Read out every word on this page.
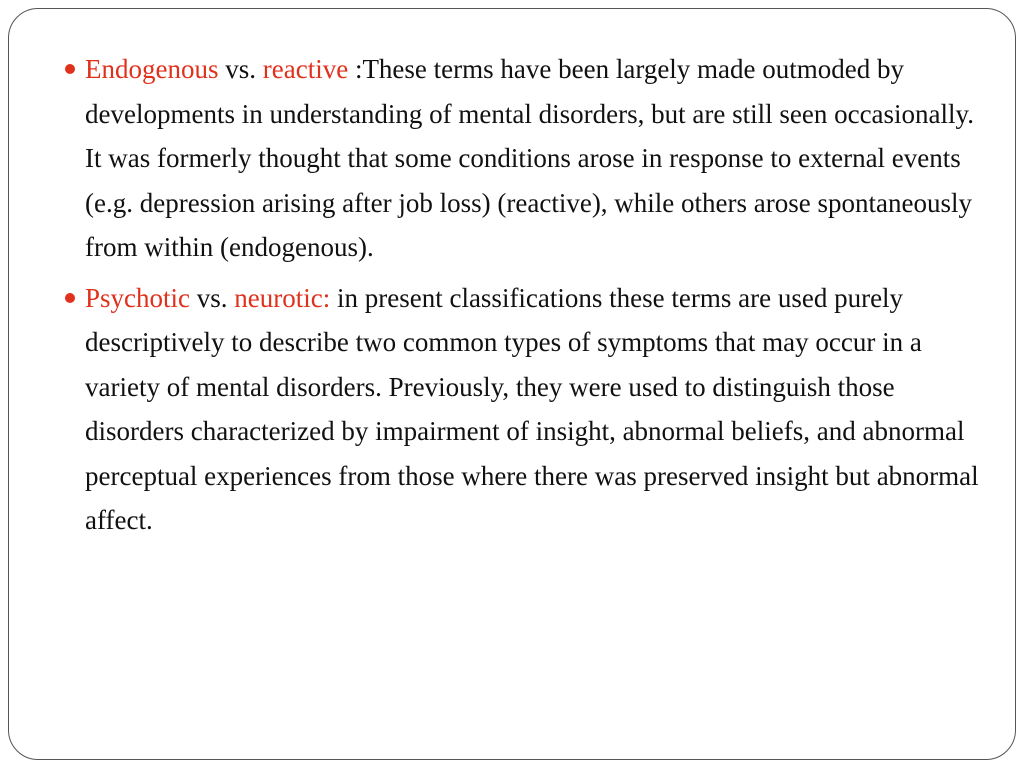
Endogenous vs. reactive :These terms have been largely made outmoded by developments in understanding of mental disorders, but are still seen occasionally. It was formerly thought that some conditions arose in response to external events (e.g. depression arising after job loss) (reactive), while others arose spontaneously from within (endogenous).

Psychotic vs. neurotic: in present classifications these terms are used purely descriptively to describe two common types of symptoms that may occur in a variety of mental disorders. Previously, they were used to distinguish those disorders characterized by impairment of insight, abnormal beliefs, and abnormal perceptual experiences from those where there was preserved insight but abnormal affect.
